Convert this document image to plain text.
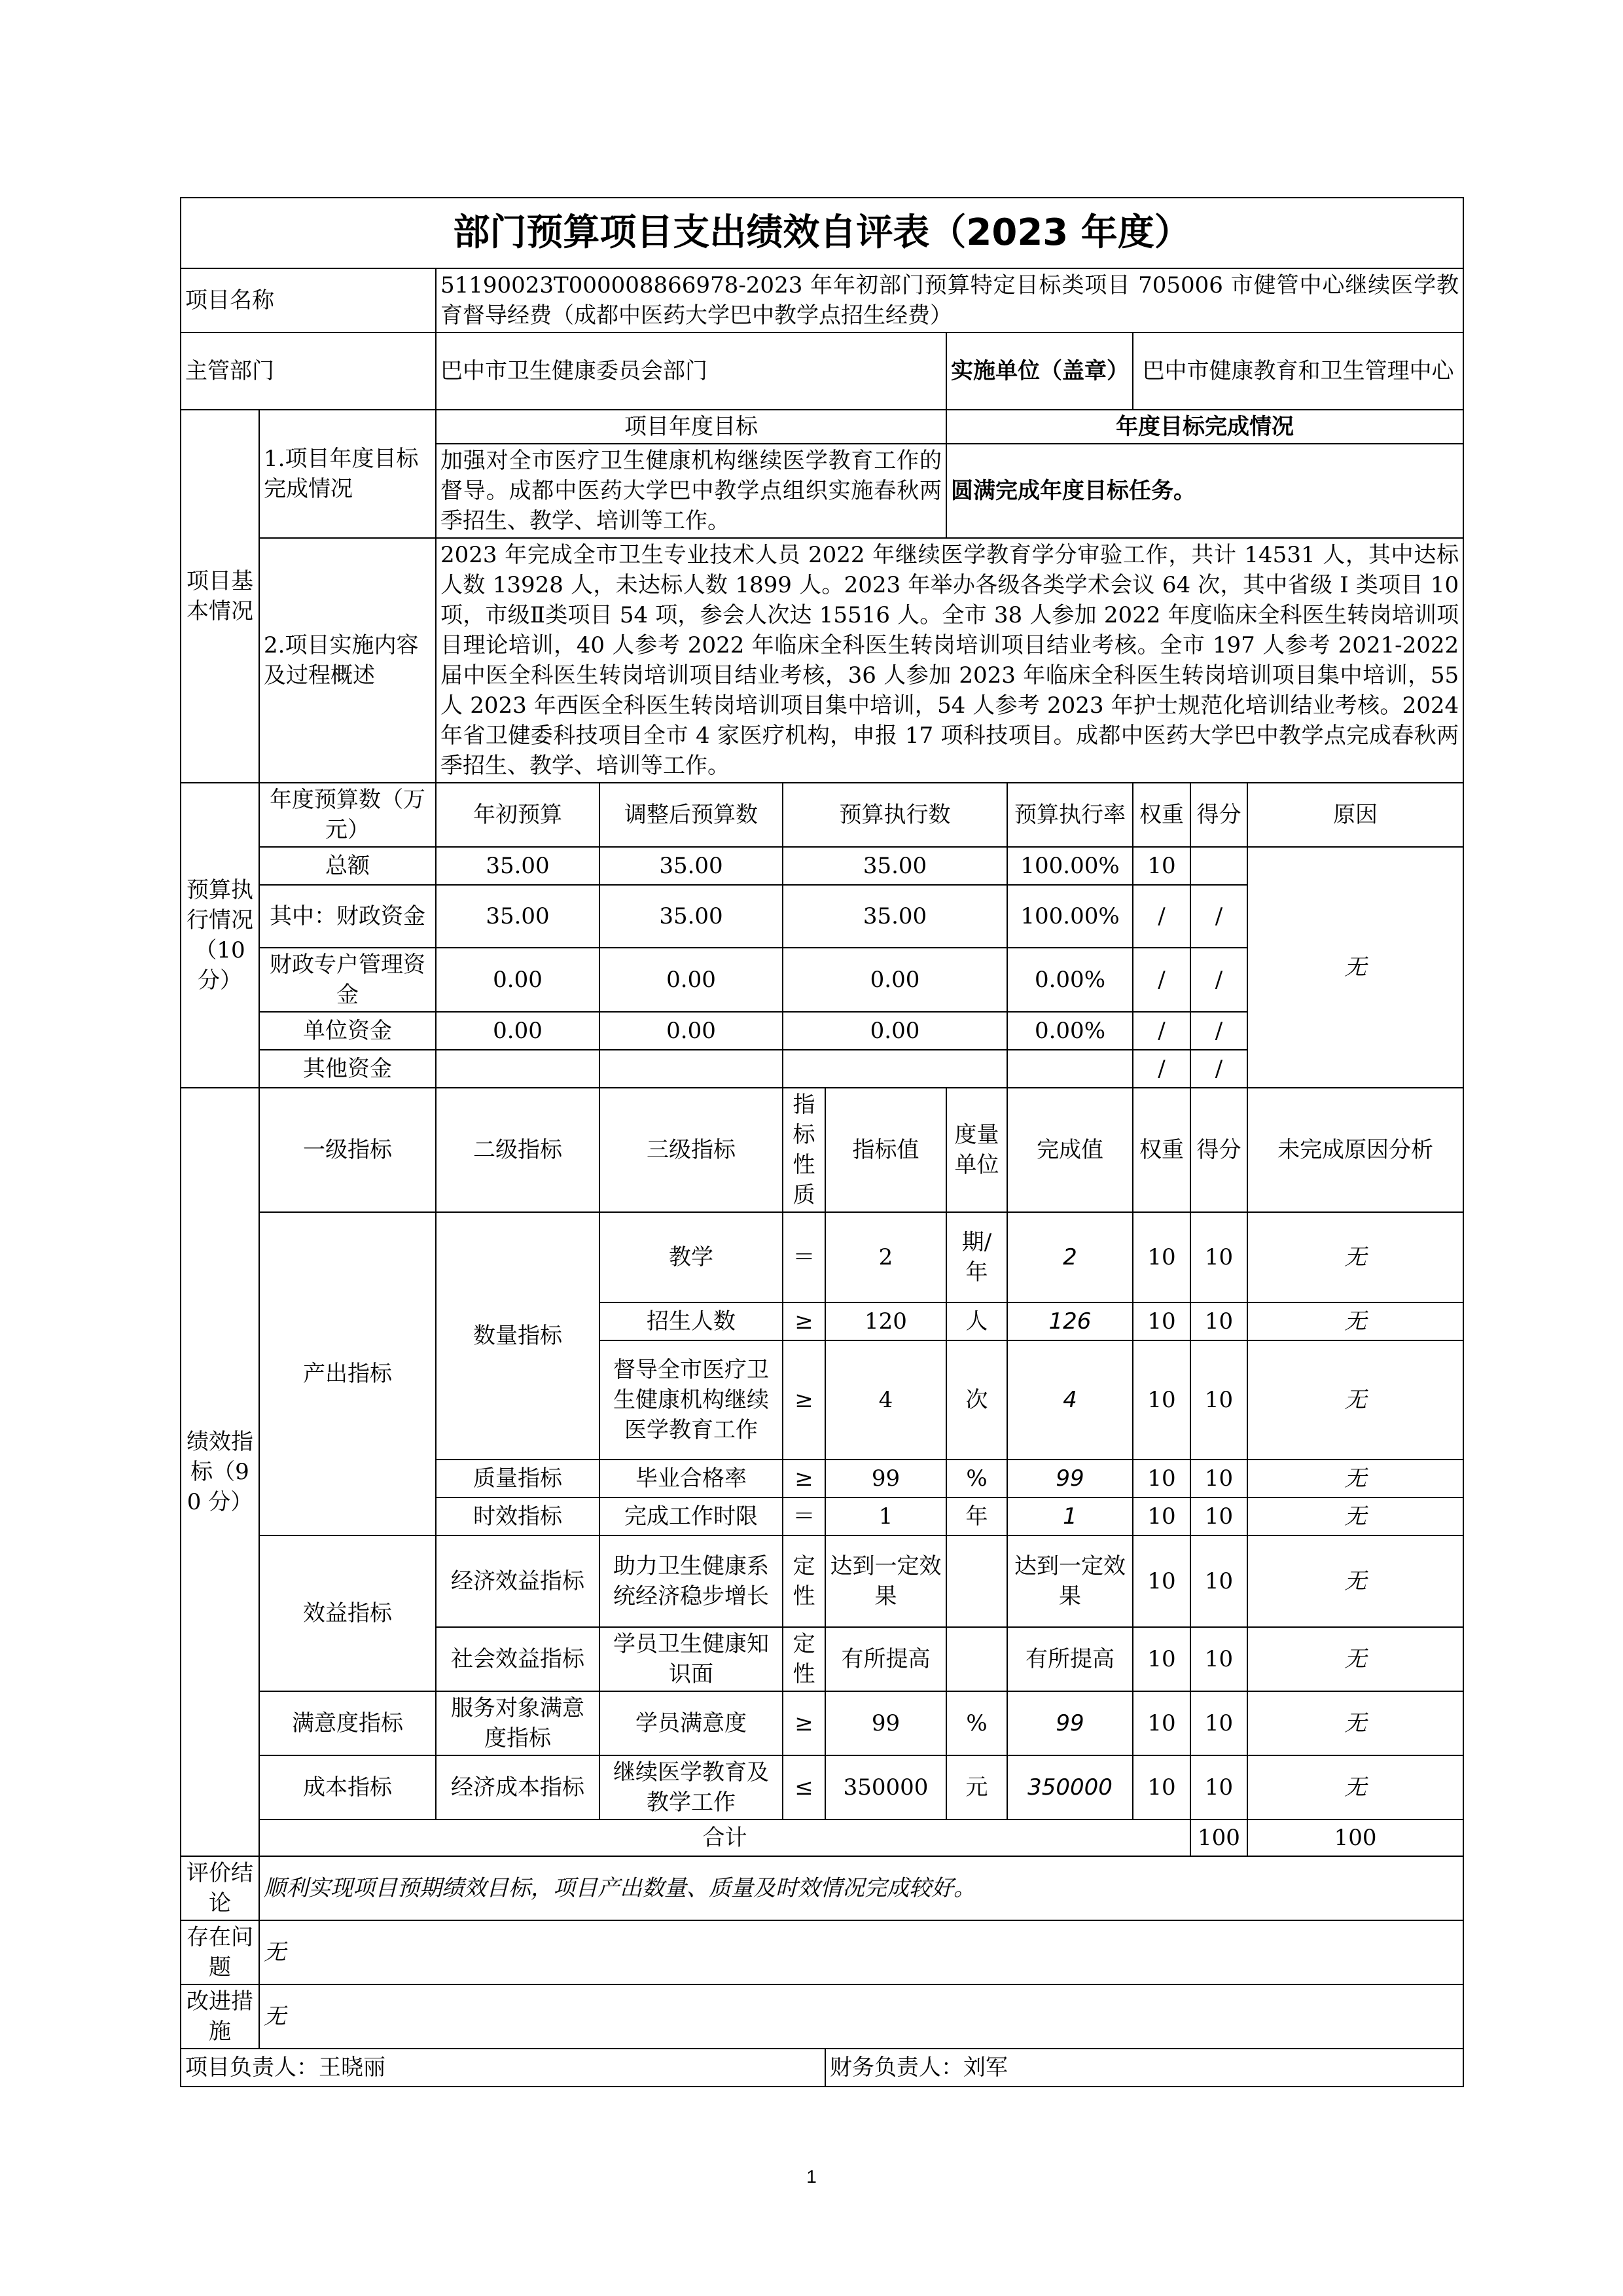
部门预算项目支出绩效自评表（2023 年度）											
项目名称		51190023T000008866978-2023 年年初部门预算特定目标类项目 705006 市健管中心继续医学教育督导经费（成都中医药大学巴中教学点招生经费）									
主管部门		巴中市卫生健康委员会部门				实施单位（盖章）		巴中市健康教育和卫生管理中心			
项目基本情况	1.项目年度目标完成情况	项目年度目标				年度目标完成情况					
		加强对全市医疗卫生健康机构继续医学教育工作的督导。成都中医药大学巴中教学点组织实施春秋两季招生、教学、培训等工作。				圆满完成年度目标任务。					
	2.项目实施内容及过程概述	2023 年完成全市卫生专业技术人员 2022 年继续医学教育学分审验工作，共计 14531 人，其中达标人数 13928 人，未达标人数 1899 人。2023 年举办各级各类学术会议 64 次，其中省级 I 类项目 10 项，市级Ⅱ类项目 54 项，参会人次达 15516 人。全市 38 人参加 2022 年度临床全科医生转岗培训项目理论培训，40 人参考 2022 年临床全科医生转岗培训项目结业考核。全市 197 人参考 2021-2022 届中医全科医生转岗培训项目结业考核，36 人参加 2023 年临床全科医生转岗培训项目集中培训，55 人 2023 年西医全科医生转岗培训项目集中培训，54 人参考 2023 年护士规范化培训结业考核。2024 年省卫健委科技项目全市 4 家医疗机构，申报 17 项科技项目。成都中医药大学巴中教学点完成春秋两季招生、教学、培训等工作。									
预算执行情况（10 分）	年度预算数（万元）	年初预算	调整后预算数	预算执行数			预算执行率	权重	得分	原因	
	总额	35.00	35.00	35.00			100.00%	10		无	
	其中：财政资金	35.00	35.00	35.00			100.00%	/	/		
	财政专户管理资金	0.00	0.00	0.00			0.00%	/	/		
	单位资金	0.00	0.00	0.00			0.00%	/	/		
	其他资金							/	/		
绩效指标（90 分）	一级指标	二级指标	三级指标	指标性质	指标值	度量单位	完成值	权重	得分	未完成原因分析	
	产出指标	数量指标	教学	＝	2	期/年	2	10	10	无	
			招生人数	≥	120	人	126	10	10	无	
			督导全市医疗卫生健康机构继续医学教育工作	≥	4	次	4	10	10	无	
		质量指标	毕业合格率	≥	99	%	99	10	10	无	
		时效指标	完成工作时限	＝	1	年	1	10	10	无	
	效益指标	经济效益指标	助力卫生健康系统经济稳步增长	定性	达到一定效果		达到一定效果	10	10	无	
		社会效益指标	学员卫生健康知识面	定性	有所提高		有所提高	10	10	无	
	满意度指标	服务对象满意度指标	学员满意度	≥	99	%	99	10	10	无	
	成本指标	经济成本指标	继续医学教育及教学工作	≤	350000	元	350000	10	10	无	
	合计								100	100	
评价结论	顺利实现项目预期绩效目标，项目产出数量、质量及时效情况完成较好。										
存在问题	无										
改进措施	无										
项目负责人：王晓丽					财务负责人：刘军						
1
